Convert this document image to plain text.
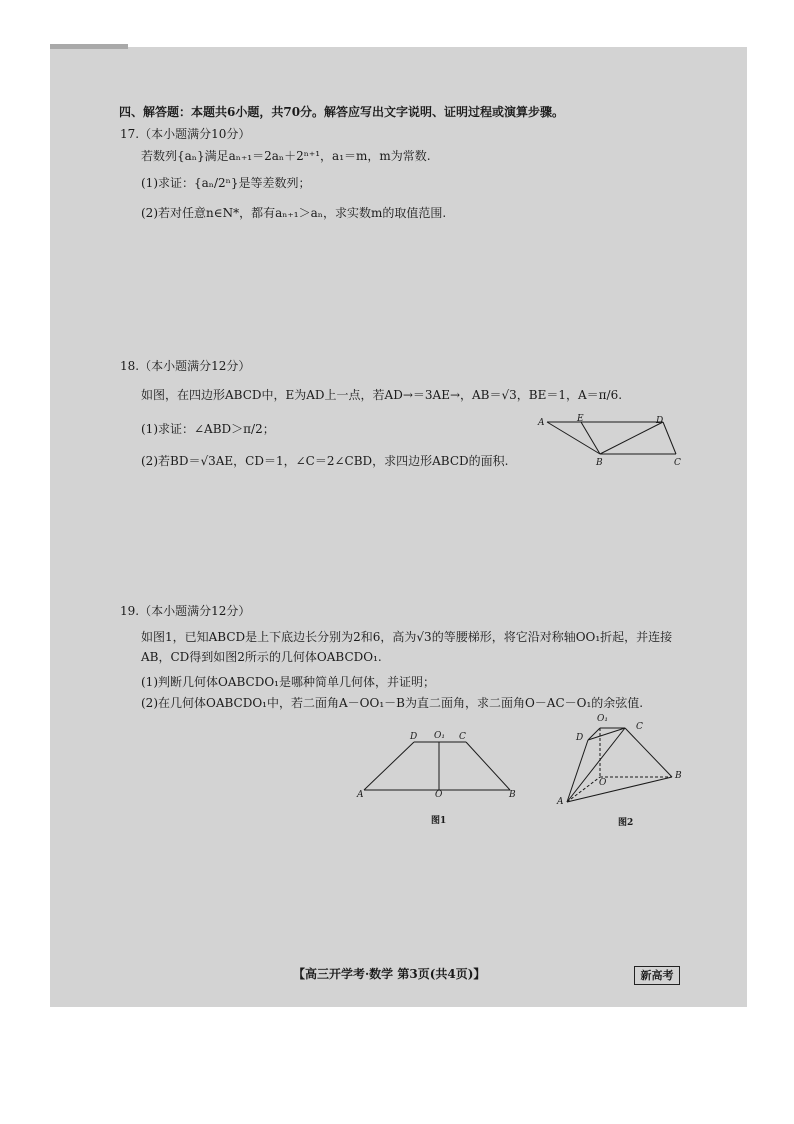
四、解答题：本题共6小题，共70分。解答应写出文字说明、证明过程或演算步骤。
17.（本小题满分10分）
若数列{aₙ}满足aₙ₊₁＝2aₙ＋2ⁿ⁺¹，a₁＝m，m为常数.
(1)求证：{aₙ/2ⁿ}是等差数列；
(2)若对任意n∈N*，都有aₙ₊₁＞aₙ，求实数m的取值范围.
18.（本小题满分12分）
如图，在四边形ABCD中，E为AD上一点，若AD→＝3AE→，AB＝√3，BE＝1，A＝π/6.
(1)求证：∠ABD＞π/2；
(2)若BD＝√3AE，CD＝1，∠C＝2∠CBD，求四边形ABCD的面积.
A	E	D
B	C
19.（本小题满分12分）
如图1，已知ABCD是上下底边长分别为2和6，高为√3的等腰梯形，将它沿对称轴OO₁折起，并连接
AB，CD得到如图2所示的几何体OABCDO₁.
(1)判断几何体OABCDO₁是哪种简单几何体，并证明；
(2)在几何体OABCDO₁中，若二面角A－OO₁－B为直二面角，求二面角O－AC－O₁的余弦值.
D O₁ C
A	O	B
图1
O₁
D
C
O
B
A
图2
【高三开学考·数学 第3页(共4页)】	新高考
